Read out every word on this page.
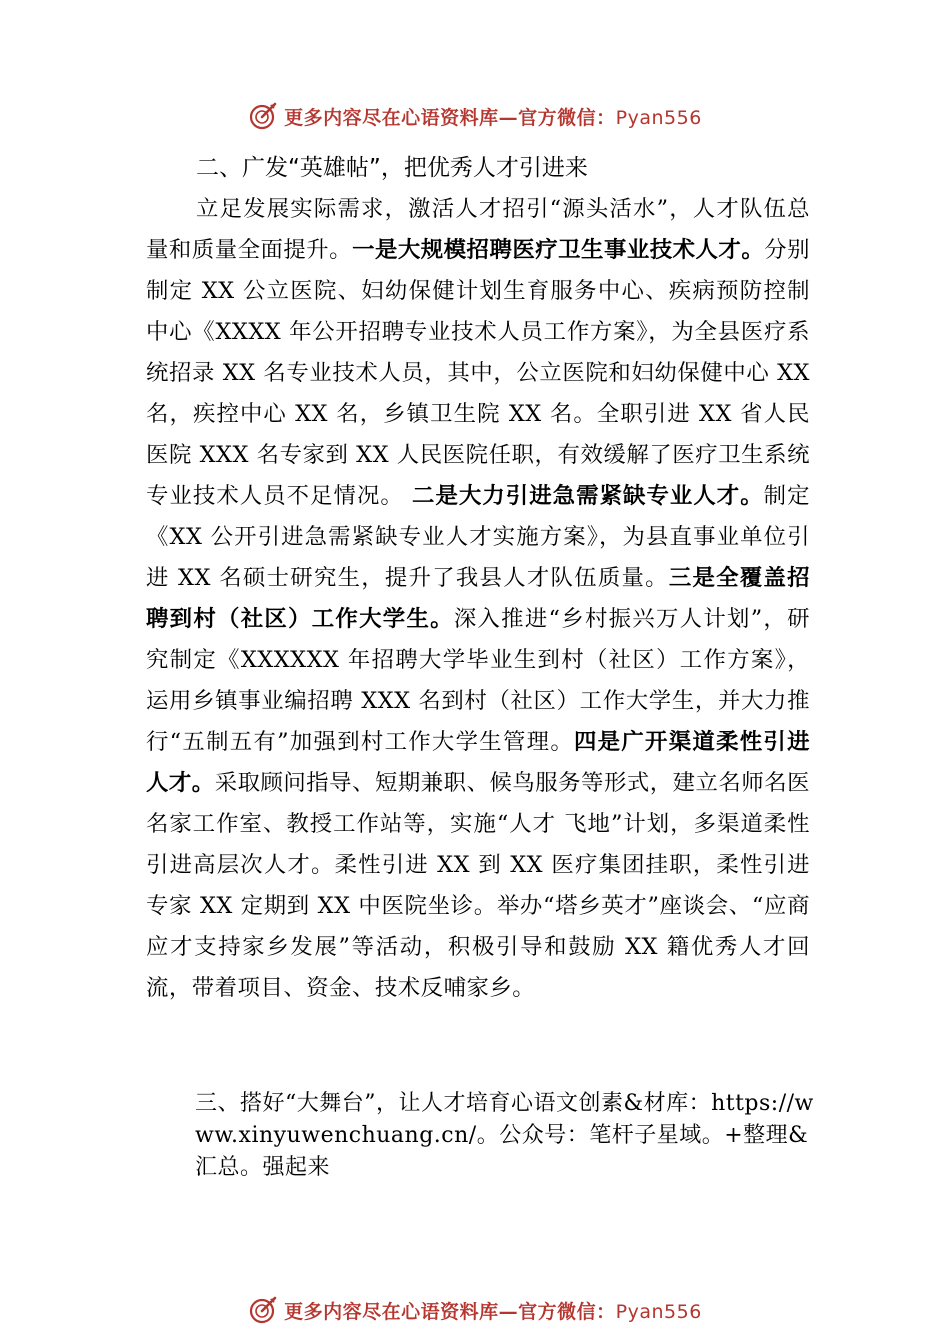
更多内容尽在心语资料库—官方微信：Pyan556
二、广发“英雄帖”，把优秀人才引进来

立足发展实际需求，激活人才招引“源头活水”，人才队伍总量和质量全面提升。一是大规模招聘医疗卫生事业技术人才。分别制定 XX 公立医院、妇幼保健计划生育服务中心、疾病预防控制中心《XXXX 年公开招聘专业技术人员工作方案》，为全县医疗系统招录 XX 名专业技术人员，其中，公立医院和妇幼保健中心 XX 名，疾控中心 XX 名，乡镇卫生院 XX 名。全职引进 XX 省人民医院 XXX 名专家到 XX 人民医院任职，有效缓解了医疗卫生系统专业技术人员不足情况。 二是大力引进急需紧缺专业人才。制定《XX 公开引进急需紧缺专业人才实施方案》，为县直事业单位引进 XX 名硕士研究生，提升了我县人才队伍质量。三是全覆盖招聘到村（社区）工作大学生。深入推进“乡村振兴万人计划”，研究制定《XXXXXX 年招聘大学毕业生到村（社区）工作方案》，运用乡镇事业编招聘 XXX 名到村（社区）工作大学生，并大力推行“五制五有”加强到村工作大学生管理。四是广开渠道柔性引进人才。采取顾问指导、短期兼职、候鸟服务等形式，建立名师名医名家工作室、教授工作站等，实施“人才 飞地”计划，多渠道柔性引进高层次人才。柔性引进 XX 到 XX 医疗集团挂职，柔性引进专家 XX 定期到 XX 中医院坐诊。举办“塔乡英才”座谈会、“应商应才支持家乡发展”等活动，积极引导和鼓励 XX 籍优秀人才回流，带着项目、资金、技术反哺家乡。

三、搭好“大舞台”，让人才培育心语文创素&材库：https://www.xinyuwenchuang.cn/。公众号：笔杆子星域。+整理&汇总。强起来
更多内容尽在心语资料库—官方微信：Pyan556
